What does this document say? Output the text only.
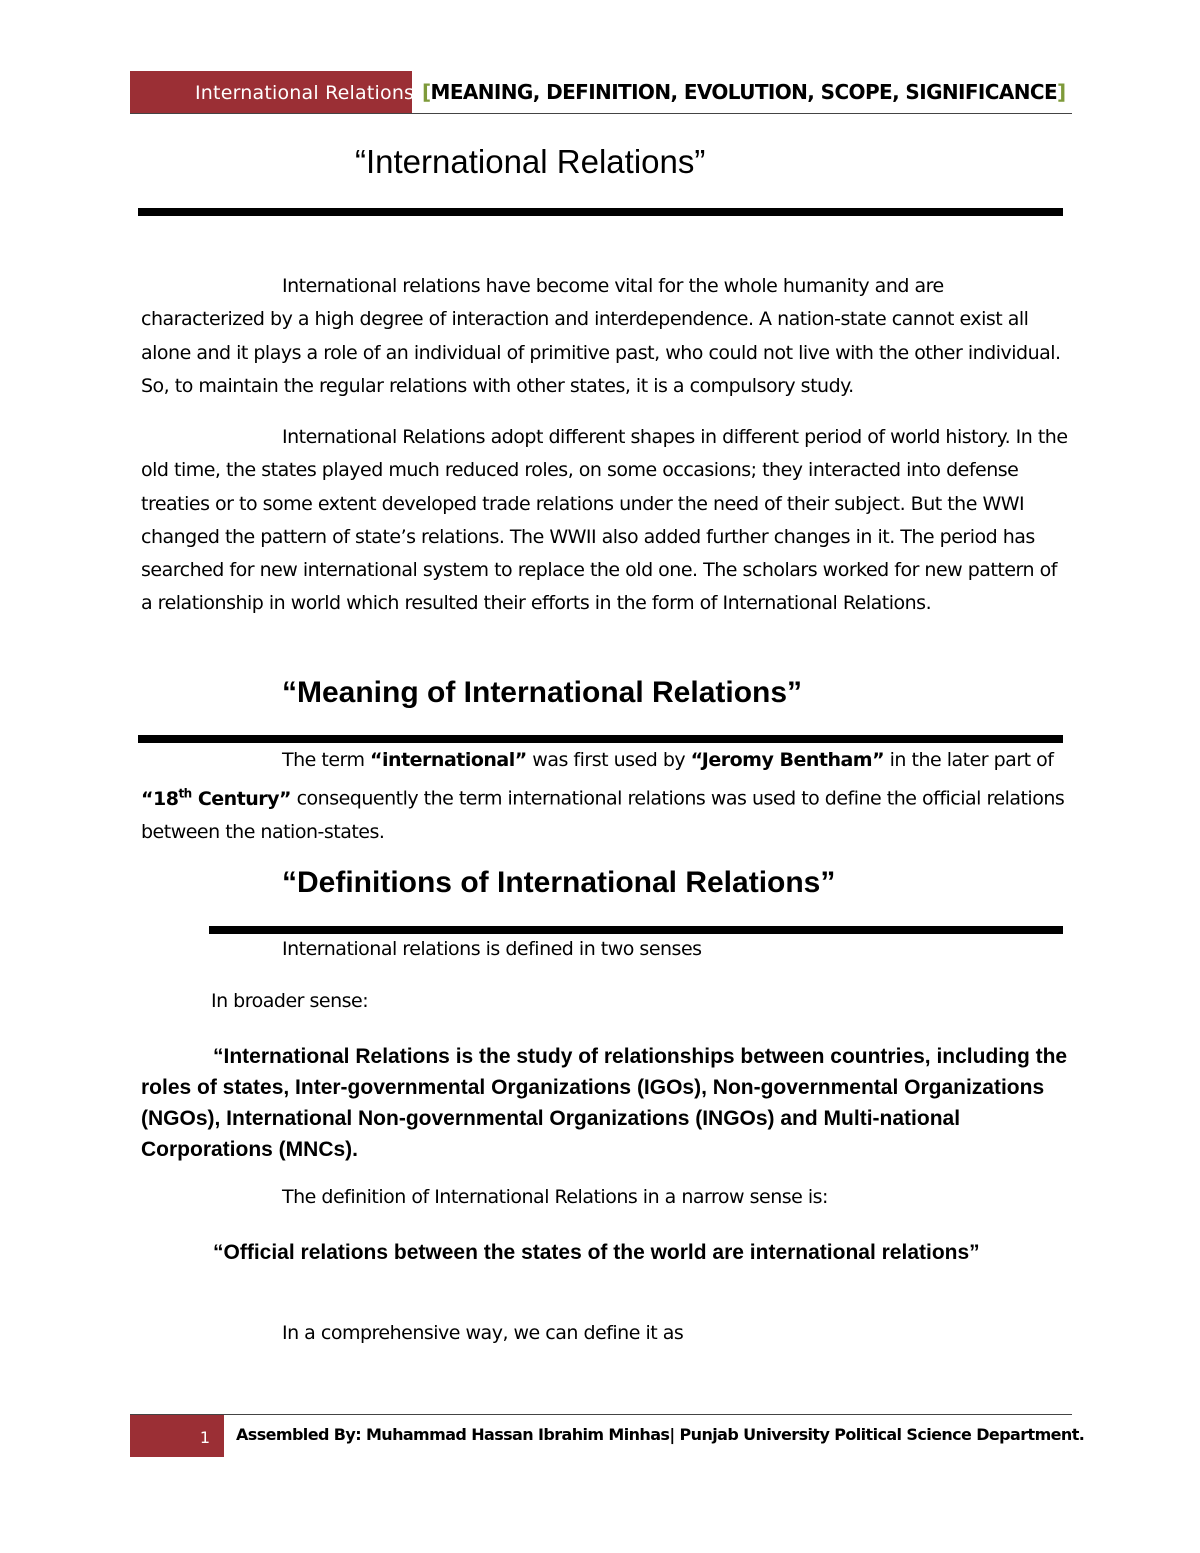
International Relations: [MEANING, DEFINITION, EVOLUTION, SCOPE, SIGNIFICANCE]
“International Relations”
International relations have become vital for the whole humanity and are characterized by a high degree of interaction and interdependence. A nation-state cannot exist all alone and it plays a role of an individual of primitive past, who could not live with the other individual. So, to maintain the regular relations with other states, it is a compulsory study.
International Relations adopt different shapes in different period of world history. In the old time, the states played much reduced roles, on some occasions; they interacted into defense treaties or to some extent developed trade relations under the need of their subject. But the WWI changed the pattern of state’s relations. The WWII also added further changes in it. The period has searched for new international system to replace the old one. The scholars worked for new pattern of a relationship in world which resulted their efforts in the form of International Relations.
“Meaning of International Relations”
The term “international” was first used by “Jeromy Bentham” in the later part of “18th Century” consequently the term international relations was used to define the official relations between the nation-states.
“Definitions of International Relations”
International relations is defined in two senses
In broader sense:
“International Relations is the study of relationships between countries, including the roles of states, Inter-governmental Organizations (IGOs), Non-governmental Organizations (NGOs), International Non-governmental Organizations (INGOs) and Multi-national Corporations (MNCs).
The definition of International Relations in a narrow sense is:
“Official relations between the states of the world are international relations”
In a comprehensive way, we can define it as
1	Assembled By: Muhammad Hassan Ibrahim Minhas| Punjab University Political Science Department.
